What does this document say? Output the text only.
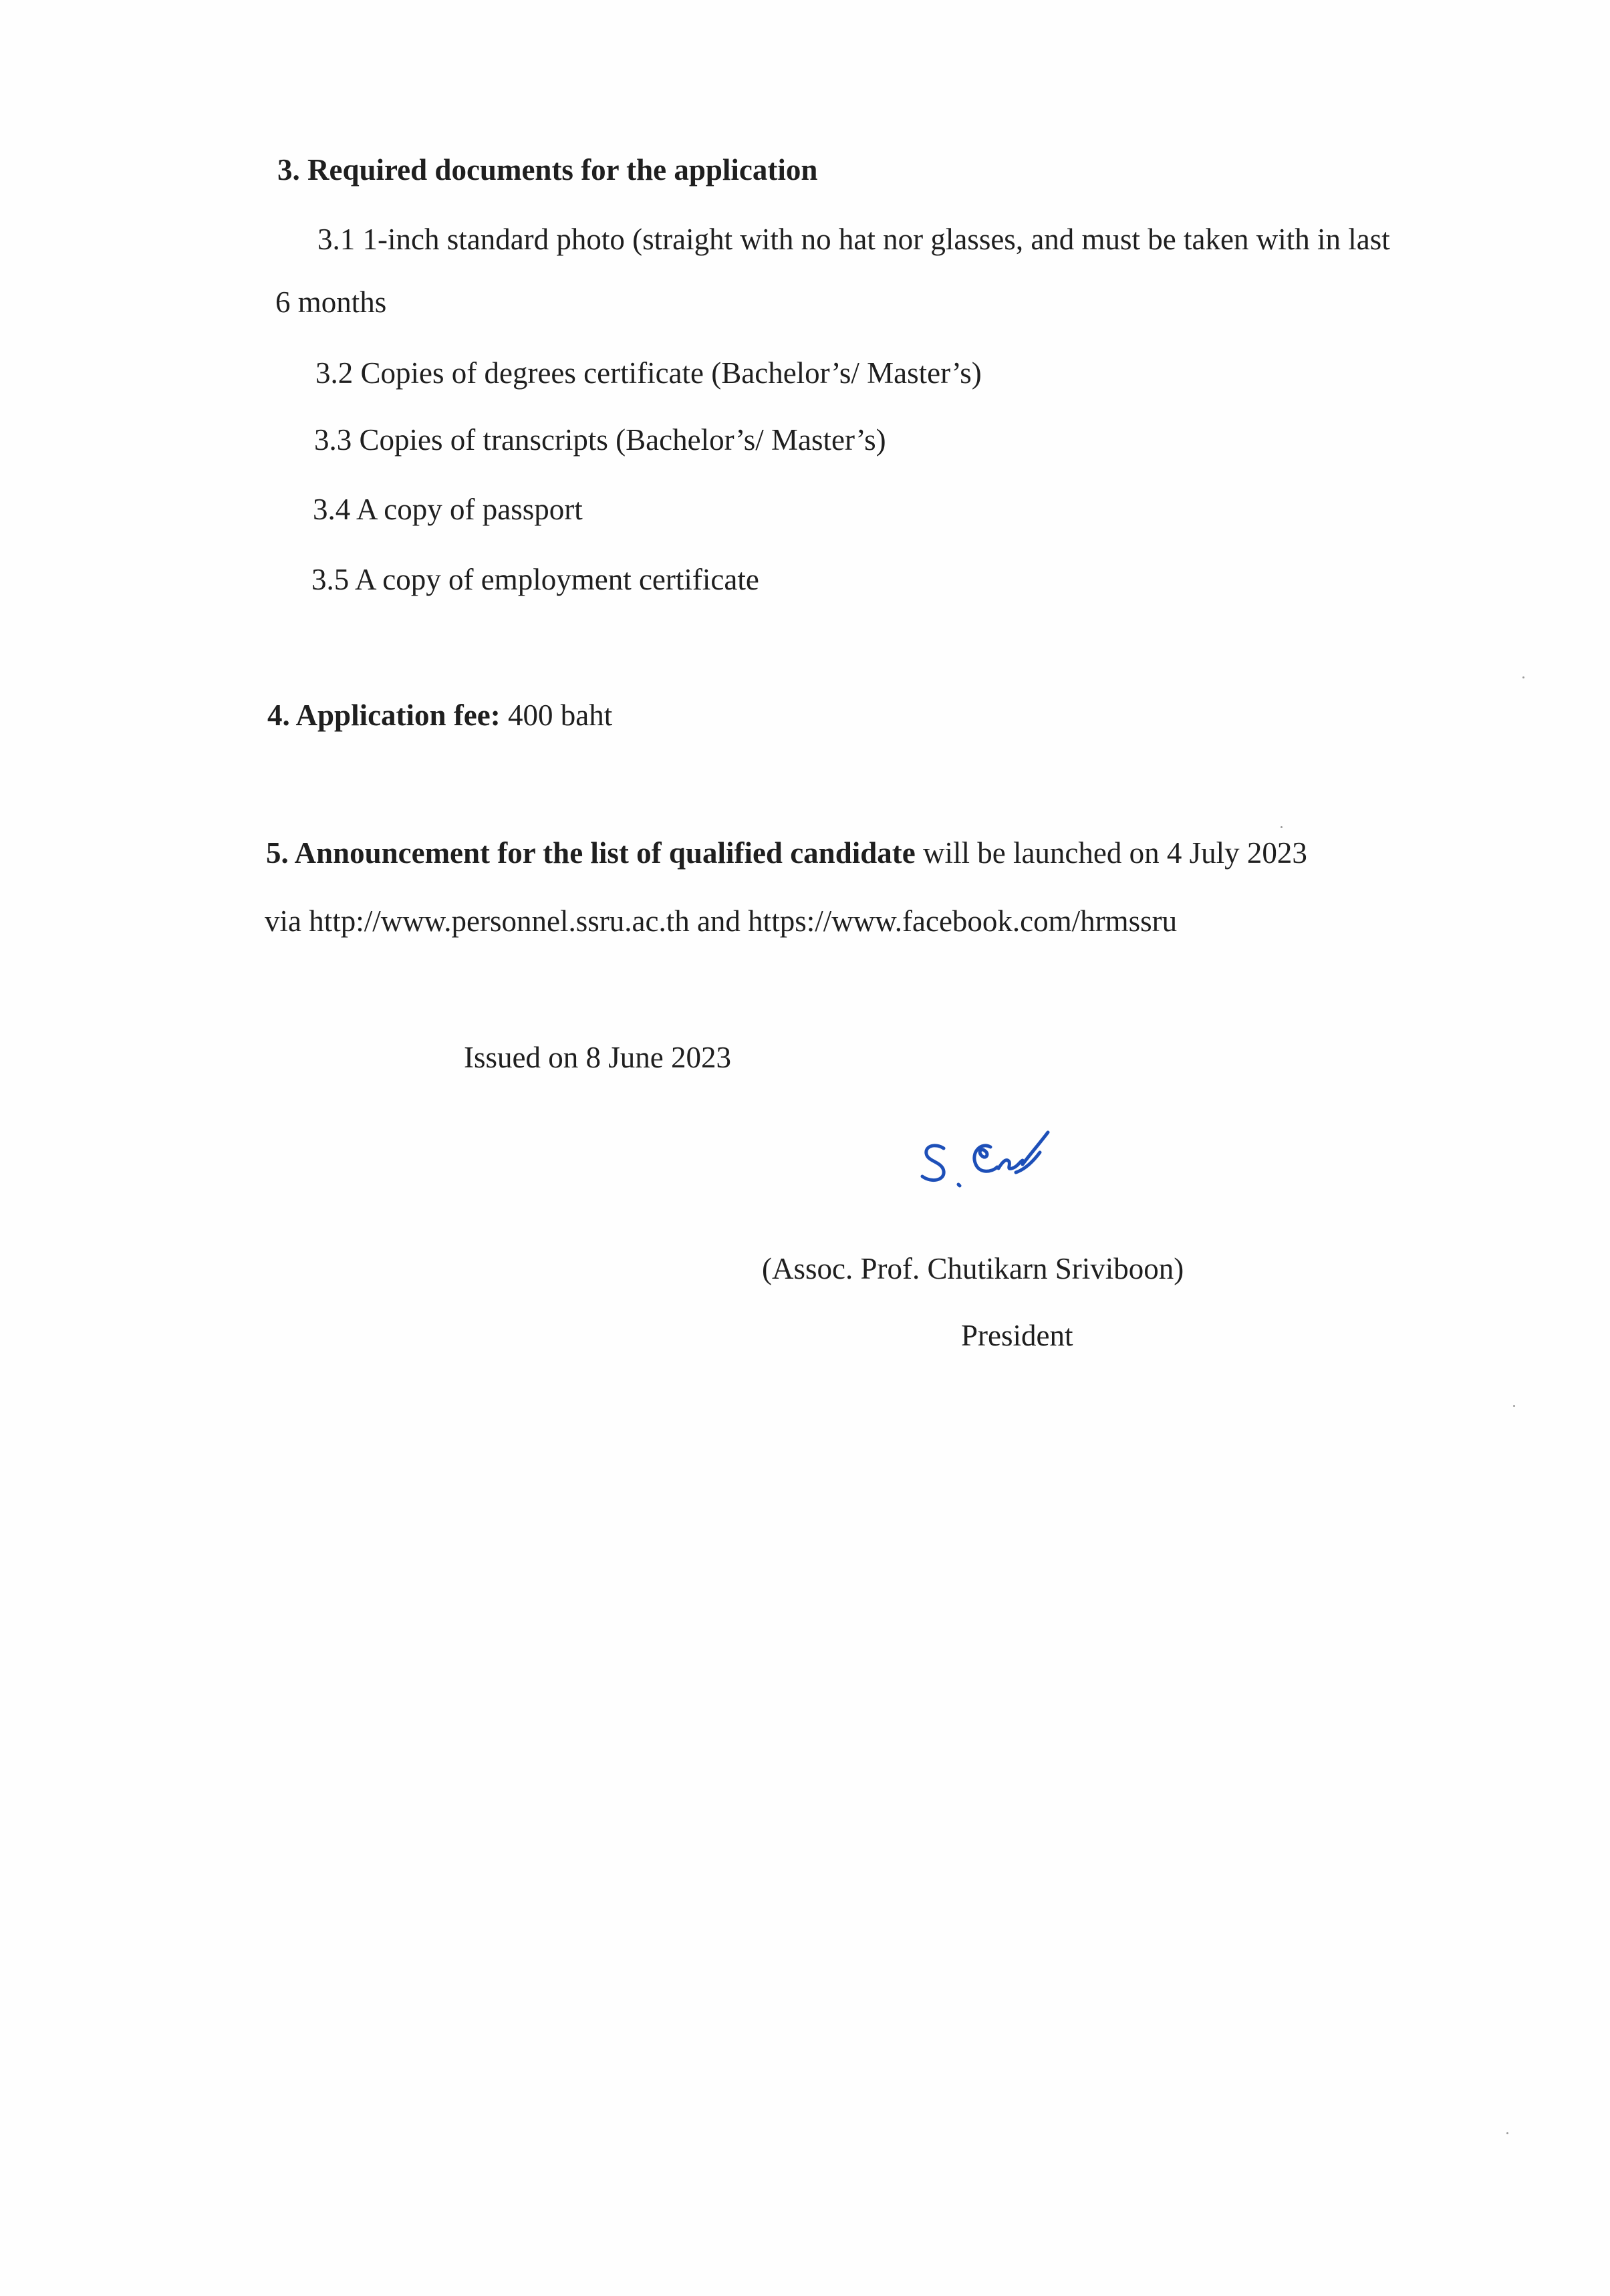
3. Required documents for the application
3.1 1-inch standard photo (straight with no hat nor glasses, and must be taken with in last
6 months
3.2 Copies of degrees certificate (Bachelor’s/ Master’s)
3.3 Copies of transcripts (Bachelor’s/ Master’s)
3.4 A copy of passport
3.5 A copy of employment certificate
4. Application fee: 400 baht
5. Announcement for the list of qualified candidate will be launched on 4 July 2023
via http://www.personnel.ssru.ac.th and https://www.facebook.com/hrmssru
Issued on 8 June 2023
(Assoc. Prof. Chutikarn Sriviboon)
President
